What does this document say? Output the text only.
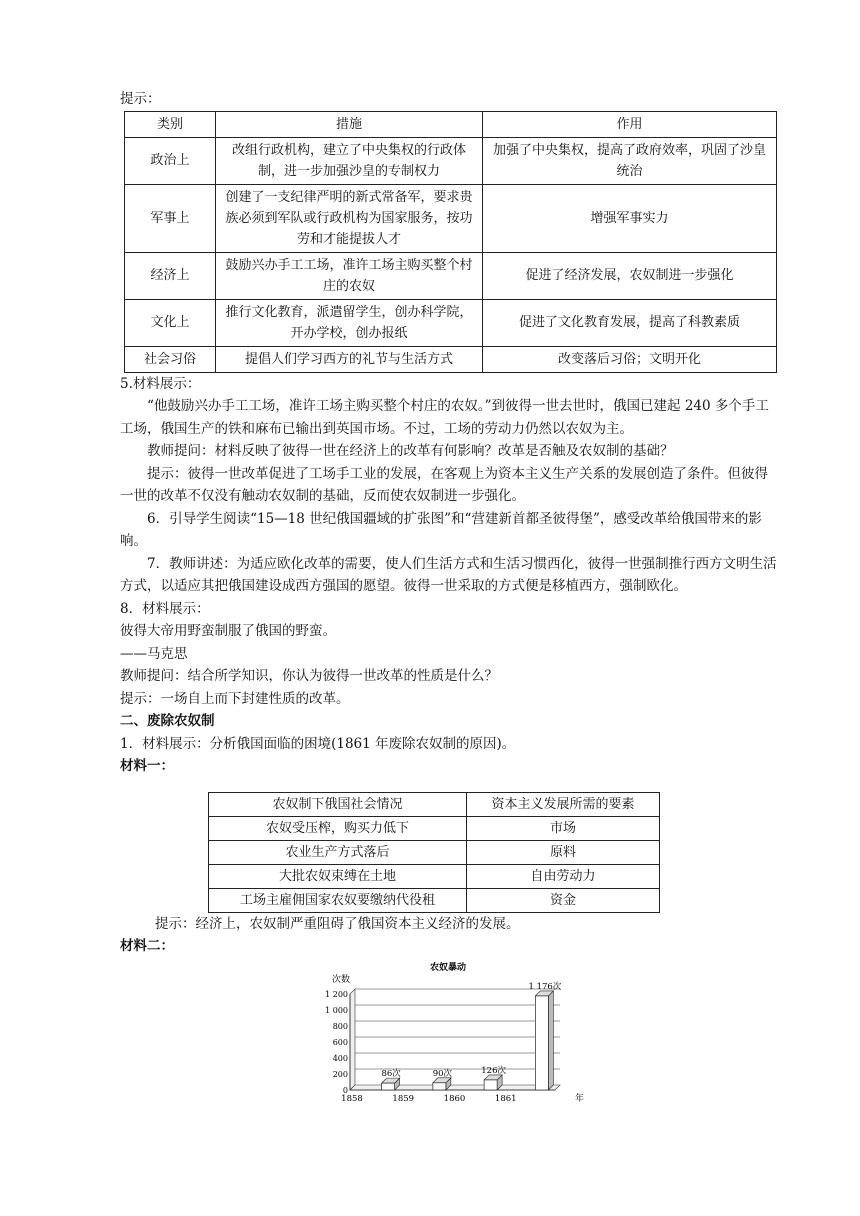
提示：

类别	措施	作用
政治上	改组行政机构，建立了中央集权的行政体制，进一步加强沙皇的专制权力	加强了中央集权，提高了政府效率，巩固了沙皇统治
军事上	创建了一支纪律严明的新式常备军，要求贵族必须到军队或行政机构为国家服务，按功劳和才能提拔人才	增强军事实力
经济上	鼓励兴办手工工场，准许工场主购买整个村庄的农奴	促进了经济发展，农奴制进一步强化
文化上	推行文化教育，派遣留学生，创办科学院，开办学校，创办报纸	促进了文化教育发展，提高了科教素质
社会习俗	提倡人们学习西方的礼节与生活方式	改变落后习俗；文明开化

5.材料展示：

“他鼓励兴办手工工场，准许工场主购买整个村庄的农奴。”到彼得一世去世时，俄国已建起 240 多个手工工场，俄国生产的铁和麻布已输出到英国市场。不过，工场的劳动力仍然以农奴为主。

教师提问：材料反映了彼得一世在经济上的改革有何影响？改革是否触及农奴制的基础？

提示：彼得一世改革促进了工场手工业的发展，在客观上为资本主义生产关系的发展创造了条件。但彼得一世的改革不仅没有触动农奴制的基础，反而使农奴制进一步强化。

6．引导学生阅读“15—18 世纪俄国疆域的扩张图”和“营建新首都圣彼得堡”，感受改革给俄国带来的影响。

7．教师讲述：为适应欧化改革的需要，使人们生活方式和生活习惯西化，彼得一世强制推行西方文明生活方式，以适应其把俄国建设成西方强国的愿望。彼得一世采取的方式便是移植西方，强制欧化。

8．材料展示：

彼得大帝用野蛮制服了俄国的野蛮。

——马克思

教师提问：结合所学知识，你认为彼得一世改革的性质是什么？

提示：一场自上而下封建性质的改革。

二、废除农奴制

1．材料展示：分析俄国面临的困境(1861 年废除农奴制的原因)。

材料一：

农奴制下俄国社会情况	资本主义发展所需的要素
农奴受压榨，购买力低下	市场
农业生产方式落后	原料
大批农奴束缚在土地	自由劳动力
工场主雇佣国家农奴要缴纳代役租	资金

提示：经济上，农奴制严重阻碍了俄国资本主义经济的发展。

材料二：

农奴暴动
次数
0
200
400
600
800
1 000
1 200
86次
1858
90次
1859
126次
1860
1 176次
1861	年
